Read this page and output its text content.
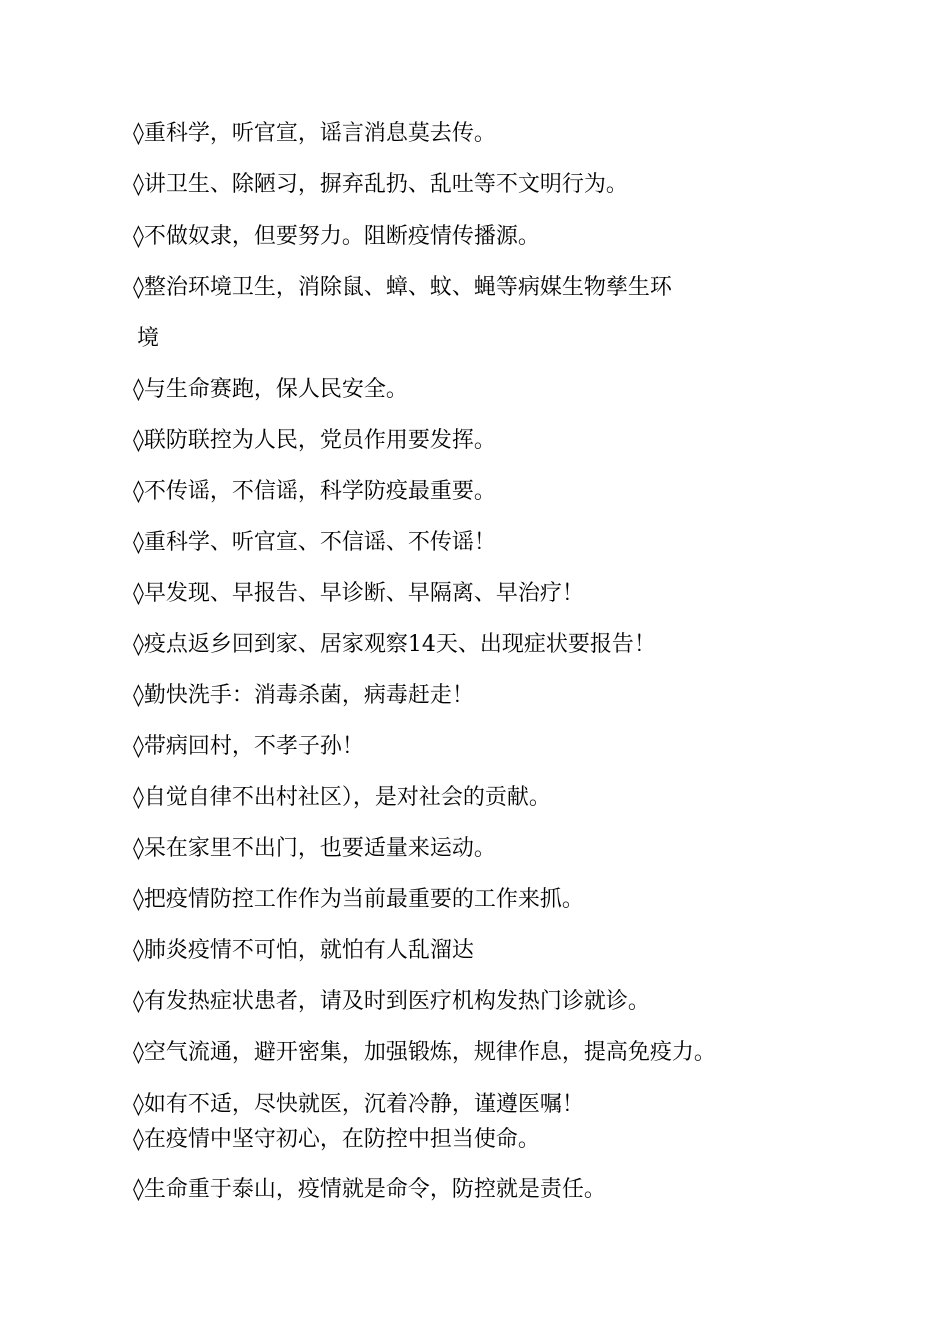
◊重科学，听官宣，谣言消息莫去传。
◊讲卫生、除陋习，摒弃乱扔、乱吐等不文明行为。
◊不做奴隶，但要努力。阻断疫情传播源。
◊整治环境卫生，消除鼠、蟑、蚊、蝇等病媒生物孳生环
境
◊与生命赛跑，保人民安全。
◊联防联控为人民，党员作用要发挥。
◊不传谣，不信谣，科学防疫最重要。
◊重科学、听官宣、不信谣、不传谣！
◊早发现、早报告、早诊断、早隔离、早治疗！
◊疫点返乡回到家、居家观察14天、出现症状要报告！
◊勤快洗手：消毒杀菌，病毒赶走！
◊带病回村，不孝子孙！
◊自觉自律不出村社区），是对社会的贡献。
◊呆在家里不出门，也要适量来运动。
◊把疫情防控工作作为当前最重要的工作来抓。
◊肺炎疫情不可怕，就怕有人乱溜达
◊有发热症状患者，请及时到医疗机构发热门诊就诊。
◊空气流通，避开密集，加强锻炼，规律作息，提高免疫力。
◊如有不适，尽快就医，沉着冷静，谨遵医嘱！
◊在疫情中坚守初心，在防控中担当使命。
◊生命重于泰山，疫情就是命令，防控就是责任。
